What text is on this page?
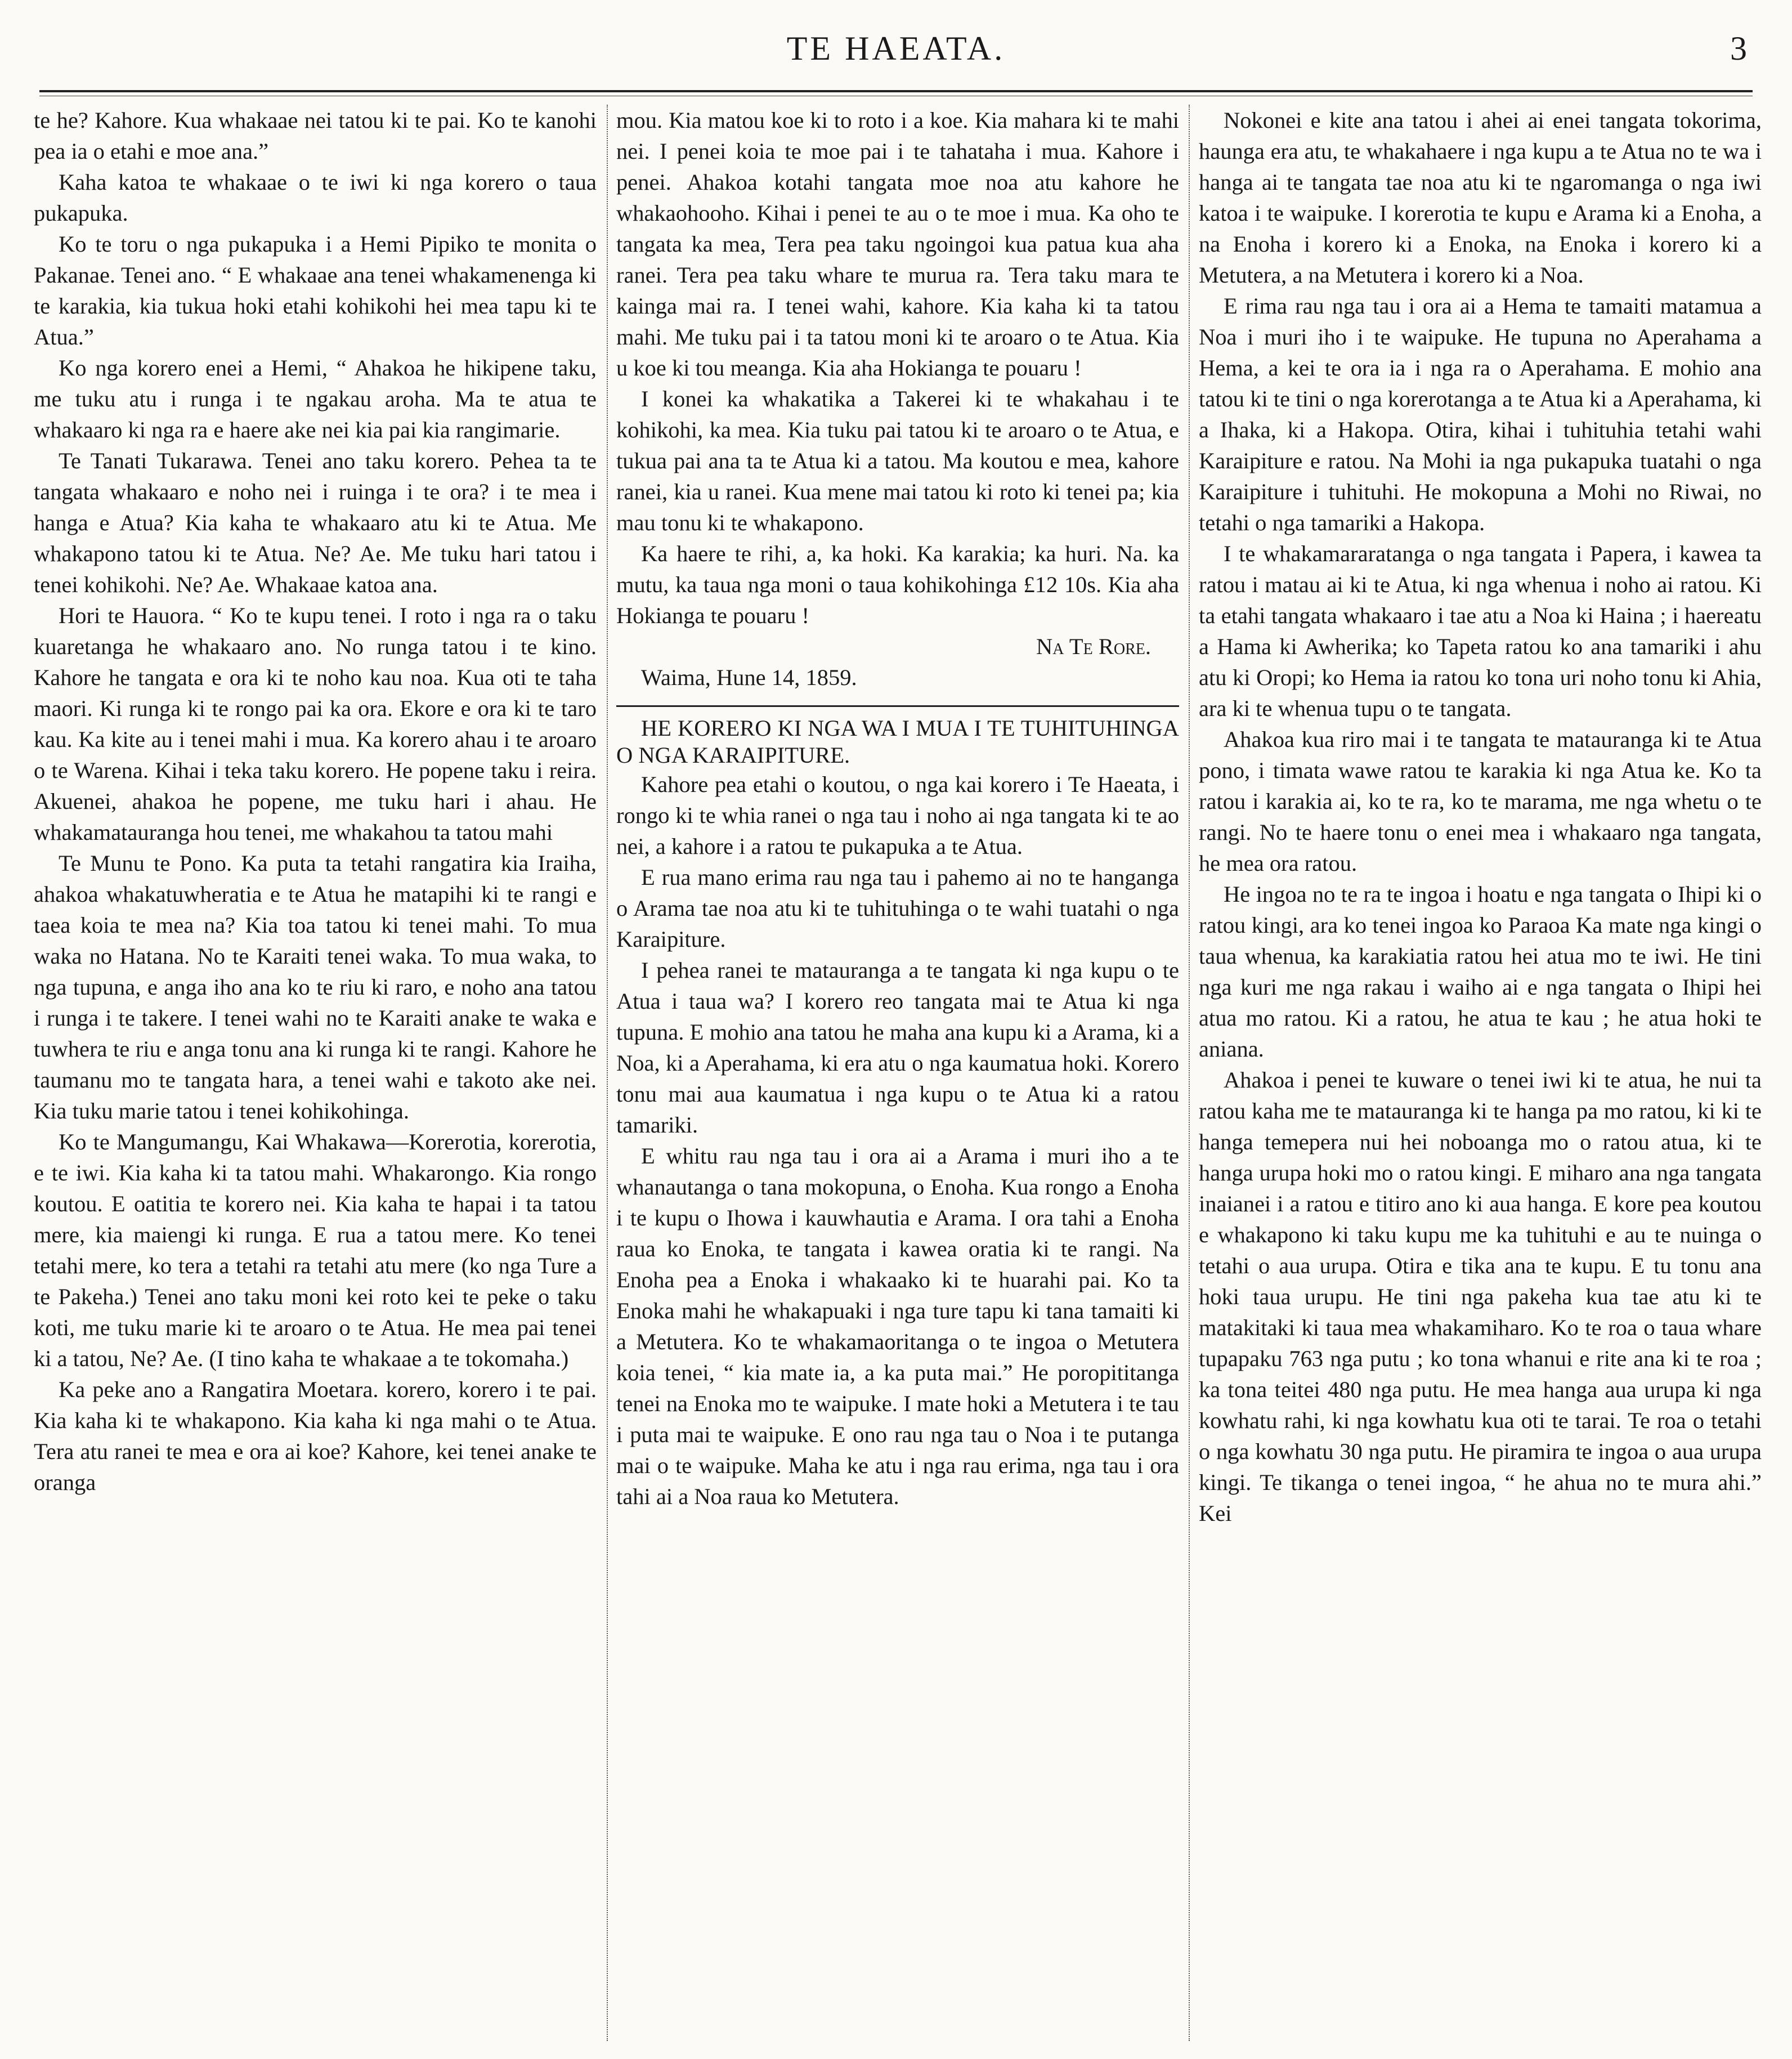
TE HAEATA.	3

te he? Kahore. Kua whakaae nei tatou ki te pai. Ko te kanohi pea ia o etahi e moe ana.”

Kaha katoa te whakaae o te iwi ki nga korero o taua pukapuka.

Ko te toru o nga pukapuka i a Hemi Pipiko te monita o Pakanae. Tenei ano. “ E whakaae ana tenei whakamenenga ki te karakia, kia tukua hoki etahi kohikohi hei mea tapu ki te Atua.”

Ko nga korero enei a Hemi, “ Ahakoa he hikipene taku, me tuku atu i runga i te ngakau aroha. Ma te atua te whakaaro ki nga ra e haere ake nei kia pai kia rangimarie.

Te Tanati Tukarawa. Tenei ano taku korero. Pehea ta te tangata whakaaro e noho nei i ruinga i te ora? i te mea i hanga e Atua? Kia kaha te whakaaro atu ki te Atua. Me whakapono tatou ki te Atua. Ne? Ae. Me tuku hari tatou i tenei kohikohi. Ne? Ae. Whakaae katoa ana.

Hori te Hauora. “ Ko te kupu tenei. I roto i nga ra o taku kuaretanga he whakaaro ano. No runga tatou i te kino. Kahore he tangata e ora ki te noho kau noa. Kua oti te taha maori. Ki runga ki te rongo pai ka ora. Ekore e ora ki te taro kau. Ka kite au i tenei mahi i mua. Ka korero ahau i te aroaro o te Warena. Kihai i teka taku korero. He popene taku i reira. Akuenei, ahakoa he popene, me tuku hari i ahau. He whakamatauranga hou tenei, me whakahou ta tatou mahi

Te Munu te Pono. Ka puta ta tetahi rangatira kia Iraiha, ahakoa whakatuwheratia e te Atua he matapihi ki te rangi e taea koia te mea na? Kia toa tatou ki tenei mahi. To mua waka no Hatana. No te Karaiti tenei waka. To mua waka, to nga tupuna, e anga iho ana ko te riu ki raro, e noho ana tatou i runga i te takere. I tenei wahi no te Karaiti anake te waka e tuwhera te riu e anga tonu ana ki runga ki te rangi. Kahore he taumanu mo te tangata hara, a tenei wahi e takoto ake nei. Kia tuku marie tatou i tenei kohikohinga.

Ko te Mangumangu, Kai Whakawa—Korerotia, korerotia, e te iwi. Kia kaha ki ta tatou mahi. Whakarongo. Kia rongo koutou. E oatitia te korero nei. Kia kaha te hapai i ta tatou mere, kia maiengi ki runga. E rua a tatou mere. Ko tenei tetahi mere, ko tera a tetahi ra tetahi atu mere (ko nga Ture a te Pakeha.) Tenei ano taku moni kei roto kei te peke o taku koti, me tuku marie ki te aroaro o te Atua. He mea pai tenei ki a tatou, Ne? Ae. (I tino kaha te whakaae a te tokomaha.)

Ka peke ano a Rangatira Moetara. korero, korero i te pai. Kia kaha ki te whakapono. Kia kaha ki nga mahi o te Atua. Tera atu ranei te mea e ora ai koe? Kahore, kei tenei anake te oranga

mou. Kia matou koe ki to roto i a koe. Kia mahara ki te mahi nei. I penei koia te moe pai i te tahataha i mua. Kahore i penei. Ahakoa kotahi tangata moe noa atu kahore he whakaohooho. Kihai i penei te au o te moe i mua. Ka oho te tangata ka mea, Tera pea taku ngoingoi kua patua kua aha ranei. Tera pea taku whare te murua ra. Tera taku mara te kainga mai ra. I tenei wahi, kahore. Kia kaha ki ta tatou mahi. Me tuku pai i ta tatou moni ki te aroaro o te Atua. Kia u koe ki tou meanga. Kia aha Hokianga te pouaru !

I konei ka whakatika a Takerei ki te whakahau i te kohikohi, ka mea. Kia tuku pai tatou ki te aroaro o te Atua, e tukua pai ana ta te Atua ki a tatou. Ma koutou e mea, kahore ranei, kia u ranei. Kua mene mai tatou ki roto ki tenei pa; kia mau tonu ki te whakapono.

Ka haere te rihi, a, ka hoki. Ka karakia; ka huri. Na. ka mutu, ka taua nga moni o taua kohikohinga £12 10s. Kia aha Hokianga te pouaru !

Na Te Rore.

Waima, Hune 14, 1859.

HE KORERO KI NGA WA I MUA I TE TUHITUHINGA O NGA KARAIPITURE.

Kahore pea etahi o koutou, o nga kai korero i Te Haeata, i rongo ki te whia ranei o nga tau i noho ai nga tangata ki te ao nei, a kahore i a ratou te pukapuka a te Atua.

E rua mano erima rau nga tau i pahemo ai no te hanganga o Arama tae noa atu ki te tuhituhinga o te wahi tuatahi o nga Karaipiture.

I pehea ranei te matauranga a te tangata ki nga kupu o te Atua i taua wa? I korero reo tangata mai te Atua ki nga tupuna. E mohio ana tatou he maha ana kupu ki a Arama, ki a Noa, ki a Aperahama, ki era atu o nga kaumatua hoki. Korero tonu mai aua kaumatua i nga kupu o te Atua ki a ratou tamariki.

E whitu rau nga tau i ora ai a Arama i muri iho a te whanautanga o tana mokopuna, o Enoha. Kua rongo a Enoha i te kupu o Ihowa i kauwhautia e Arama. I ora tahi a Enoha raua ko Enoka, te tangata i kawea oratia ki te rangi. Na Enoha pea a Enoka i whakaako ki te huarahi pai. Ko ta Enoka mahi he whakapuaki i nga ture tapu ki tana tamaiti ki a Metutera. Ko te whakamaoritanga o te ingoa o Metutera koia tenei, “ kia mate ia, a ka puta mai.” He poropititanga tenei na Enoka mo te waipuke. I mate hoki a Metutera i te tau i puta mai te waipuke. E ono rau nga tau o Noa i te putanga mai o te waipuke. Maha ke atu i nga rau erima, nga tau i ora tahi ai a Noa raua ko Metutera.

Nokonei e kite ana tatou i ahei ai enei tangata tokorima, haunga era atu, te whakahaere i nga kupu a te Atua no te wa i hanga ai te tangata tae noa atu ki te ngaromanga o nga iwi katoa i te waipuke. I korerotia te kupu e Arama ki a Enoha, a na Enoha i korero ki a Enoka, na Enoka i korero ki a Metutera, a na Metutera i korero ki a Noa.

E rima rau nga tau i ora ai a Hema te tamaiti matamua a Noa i muri iho i te waipuke. He tupuna no Aperahama a Hema, a kei te ora ia i nga ra o Aperahama. E mohio ana tatou ki te tini o nga korerotanga a te Atua ki a Aperahama, ki a Ihaka, ki a Hakopa. Otira, kihai i tuhituhia tetahi wahi Karaipiture e ratou. Na Mohi ia nga pukapuka tuatahi o nga Karaipiture i tuhituhi. He mokopuna a Mohi no Riwai, no tetahi o nga tamariki a Hakopa.

I te whakamararatanga o nga tangata i Papera, i kawea ta ratou i matau ai ki te Atua, ki nga whenua i noho ai ratou. Ki ta etahi tangata whakaaro i tae atu a Noa ki Haina ; i haereatu a Hama ki Awherika; ko Tapeta ratou ko ana tamariki i ahu atu ki Oropi; ko Hema ia ratou ko tona uri noho tonu ki Ahia, ara ki te whenua tupu o te tangata.

Ahakoa kua riro mai i te tangata te matauranga ki te Atua pono, i timata wawe ratou te karakia ki nga Atua ke. Ko ta ratou i karakia ai, ko te ra, ko te marama, me nga whetu o te rangi. No te haere tonu o enei mea i whakaaro nga tangata, he mea ora ratou.

He ingoa no te ra te ingoa i hoatu e nga tangata o Ihipi ki o ratou kingi, ara ko tenei ingoa ko Paraoa Ka mate nga kingi o taua whenua, ka karakiatia ratou hei atua mo te iwi. He tini nga kuri me nga rakau i waiho ai e nga tangata o Ihipi hei atua mo ratou. Ki a ratou, he atua te kau ; he atua hoki te aniana.

Ahakoa i penei te kuware o tenei iwi ki te atua, he nui ta ratou kaha me te matauranga ki te hanga pa mo ratou, ki ki te hanga temepera nui hei noboanga mo o ratou atua, ki te hanga urupa hoki mo o ratou kingi. E miharo ana nga tangata inaianei i a ratou e titiro ano ki aua hanga. E kore pea koutou e whakapono ki taku kupu me ka tuhituhi e au te nuinga o tetahi o aua urupa. Otira e tika ana te kupu. E tu tonu ana hoki taua urupu. He tini nga pakeha kua tae atu ki te matakitaki ki taua mea whakamiharo. Ko te roa o taua whare tupapaku 763 nga putu ; ko tona whanui e rite ana ki te roa ; ka tona teitei 480 nga putu. He mea hanga aua urupa ki nga kowhatu rahi, ki nga kowhatu kua oti te tarai. Te roa o tetahi o nga kowhatu 30 nga putu. He piramira te ingoa o aua urupa kingi. Te tikanga o tenei ingoa, “ he ahua no te mura ahi.” Kei
